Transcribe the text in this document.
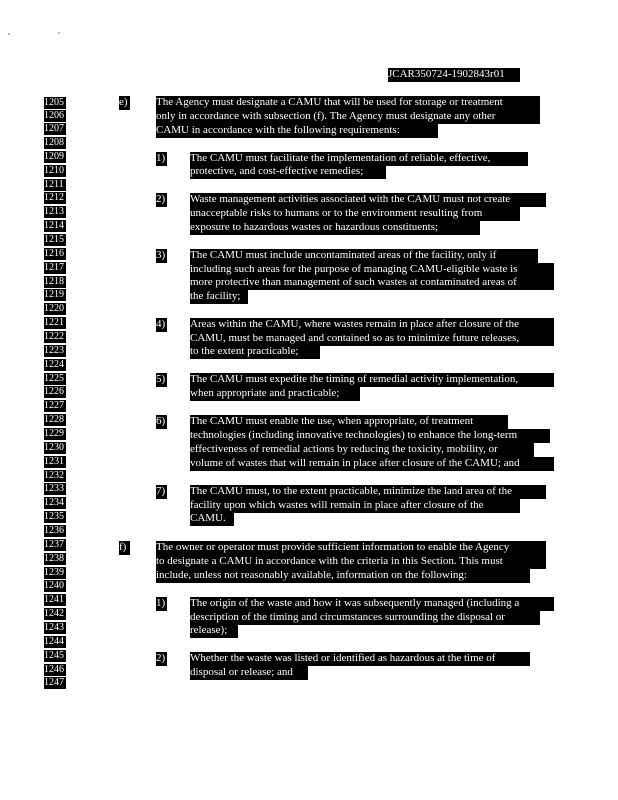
JCAR350724-1902843r01
1205
1206
1207
1208
1209
1210
1211
1212
1213
1214
1215
1216
1217
1218
1219
1220
1221
1222
1223
1224
1225
1226
1227
1228
1229
1230
1231
1232
1233
1234
1235
1236
1237
1238
1239
1240
1241
1242
1243
1244
1245
1246
1247
e)	The Agency must designate a CAMU that will be used for storage or treatment
only in accordance with subsection (f). The Agency must designate any other
CAMU in accordance with the following requirements:
1) The CAMU must facilitate the implementation of reliable, effective,
protective, and cost-effective remedies;
2) Waste management activities associated with the CAMU must not create
unacceptable risks to humans or to the environment resulting from
exposure to hazardous wastes or hazardous constituents;
3) The CAMU must include uncontaminated areas of the facility, only if
including such areas for the purpose of managing CAMU-eligible waste is
more protective than management of such wastes at contaminated areas of
the facility;
4) Areas within the CAMU, where wastes remain in place after closure of the
CAMU, must be managed and contained so as to minimize future releases,
to the extent practicable;
5) The CAMU must expedite the timing of remedial activity implementation,
when appropriate and practicable;
6) The CAMU must enable the use, when appropriate, of treatment
technologies (including innovative technologies) to enhance the long-term
effectiveness of remedial actions by reducing the toxicity, mobility, or
volume of wastes that will remain in place after closure of the CAMU; and
7) The CAMU must, to the extent practicable, minimize the land area of the
facility upon which wastes will remain in place after closure of the
CAMU.
f)	The owner or operator must provide sufficient information to enable the Agency
to designate a CAMU in accordance with the criteria in this Section. This must
include, unless not reasonably available, information on the following:
1) The origin of the waste and how it was subsequently managed (including a
description of the timing and circumstances surrounding the disposal or
release);
2) Whether the waste was listed or identified as hazardous at the time of
disposal or release; and
